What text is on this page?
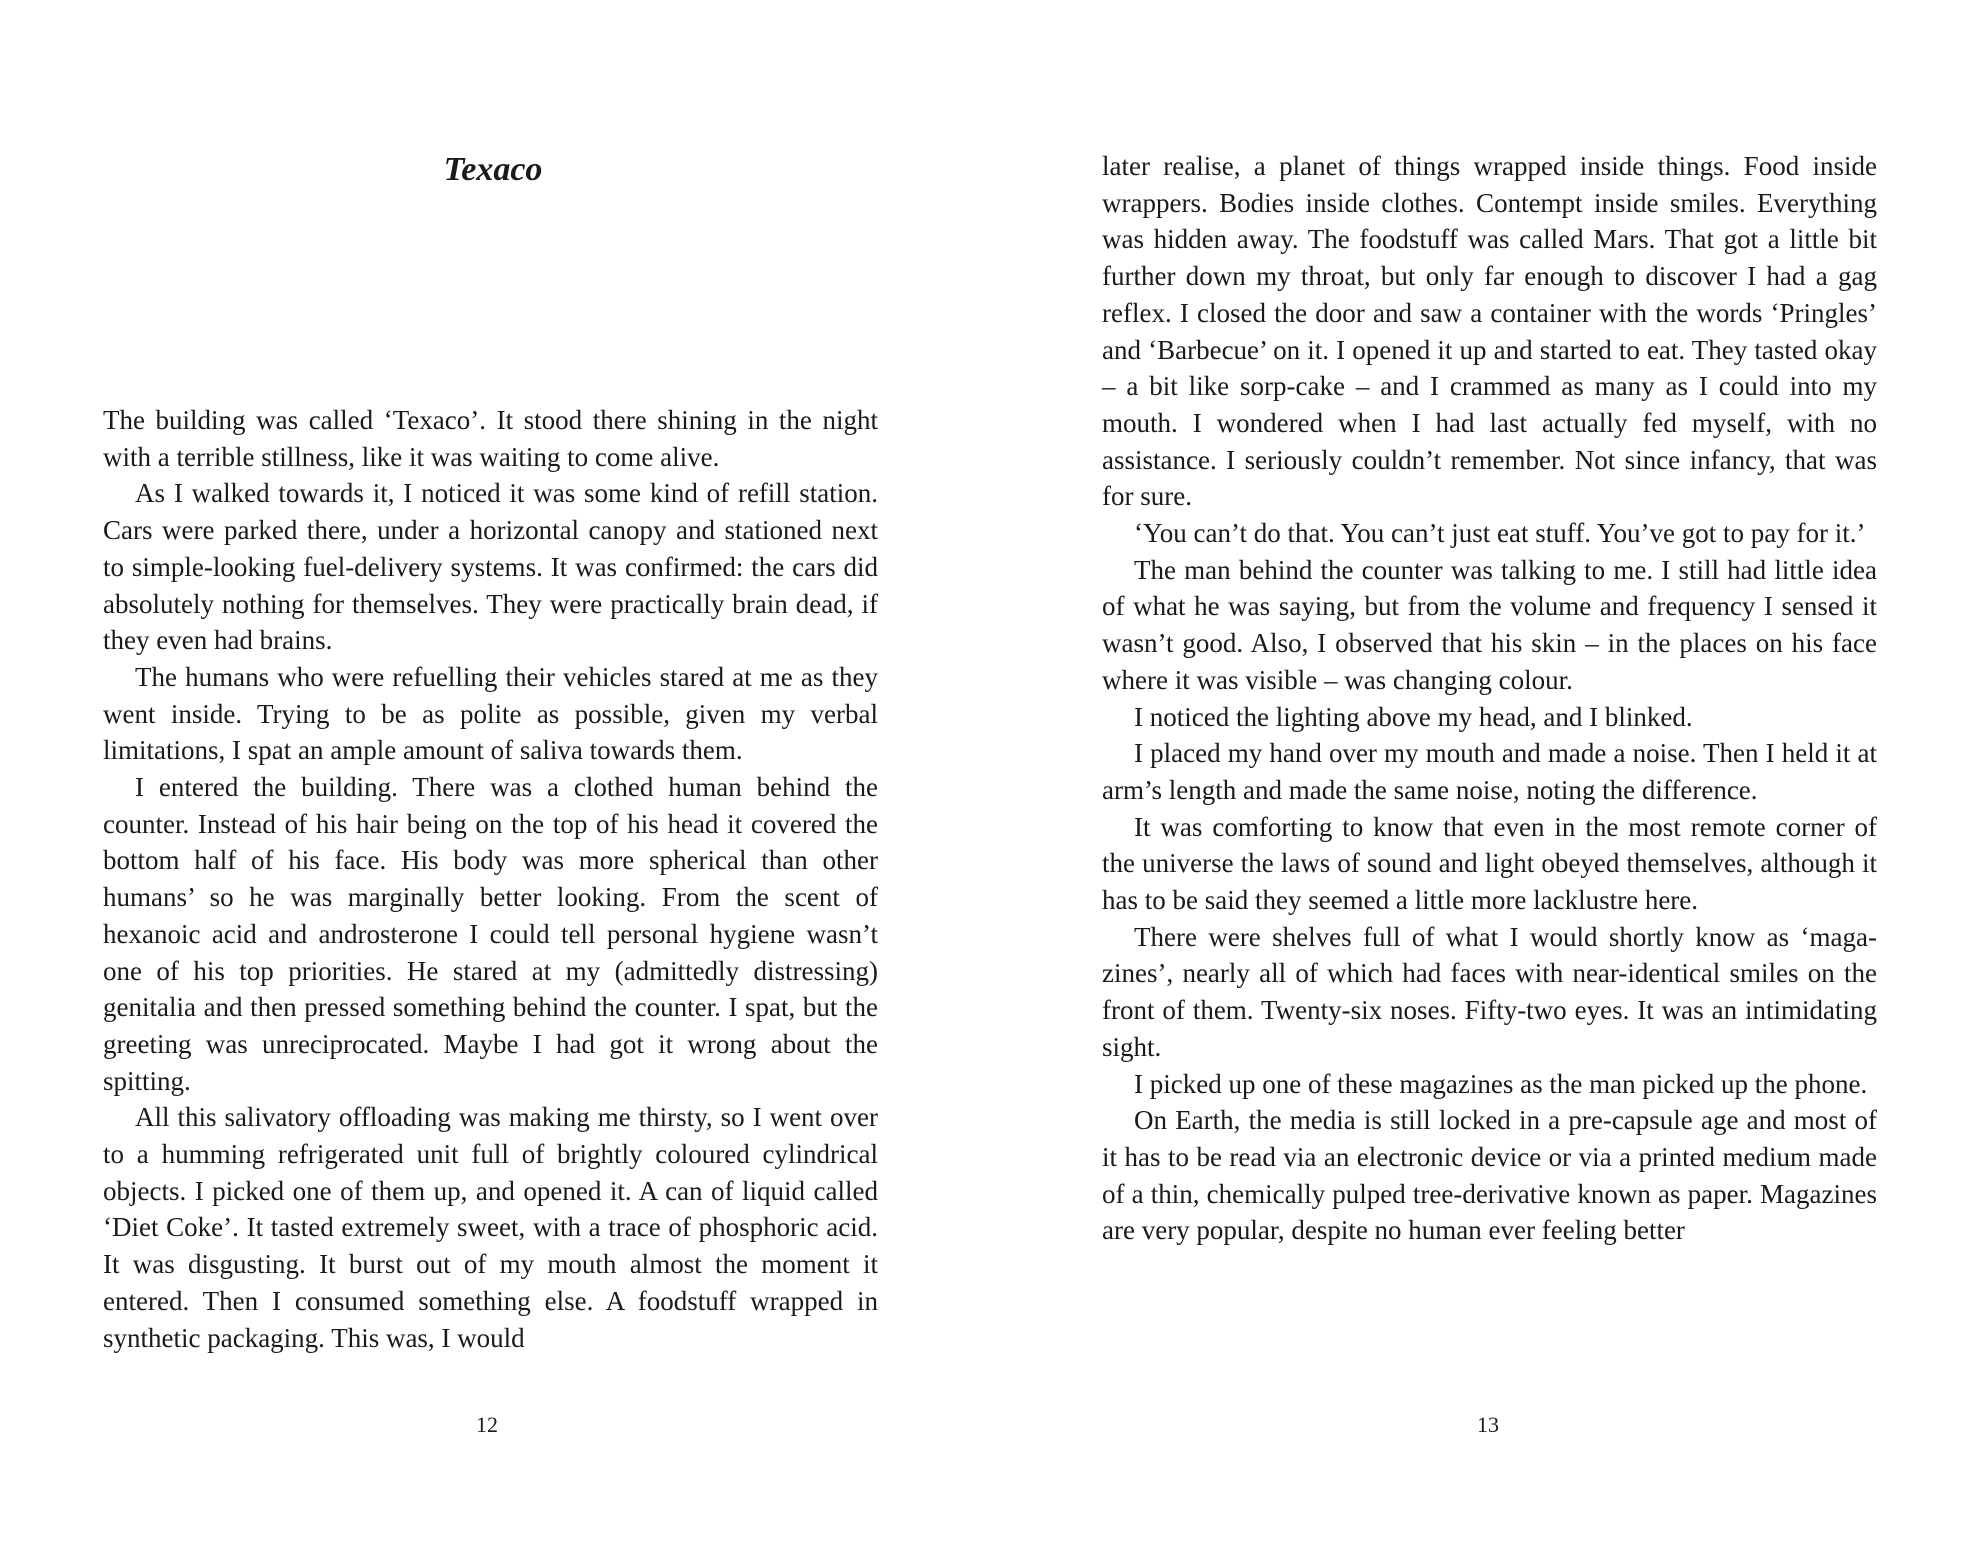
Texaco

The building was called ‘Texaco’. It stood there shining in the night with a terrible stillness, like it was waiting to come alive.

As I walked towards it, I noticed it was some kind of refill station. Cars were parked there, under a horizontal canopy and stationed next to simple-looking fuel-delivery systems. It was confirmed: the cars did absolutely nothing for themselves. They were practically brain dead, if they even had brains.

The humans who were refuelling their vehicles stared at me as they went inside. Trying to be as polite as possible, given my verbal limitations, I spat an ample amount of saliva towards them.

I entered the building. There was a clothed human behind the counter. Instead of his hair being on the top of his head it covered the bottom half of his face. His body was more spherical than other humans’ so he was marginally better looking. From the scent of hexanoic acid and androsterone I could tell personal hygiene wasn’t one of his top priorities. He stared at my (admittedly distressing) genitalia and then pressed something behind the counter. I spat, but the greeting was unreciprocated. Maybe I had got it wrong about the spitting.

All this salivatory offloading was making me thirsty, so I went over to a humming refrigerated unit full of brightly coloured cylindrical objects. I picked one of them up, and opened it. A can of liquid called ‘Diet Coke’. It tasted extremely sweet, with a trace of phosphoric acid. It was disgusting. It burst out of my mouth almost the moment it entered. Then I consumed something else. A foodstuff wrapped in synthetic packaging. This was, I would

12

later realise, a planet of things wrapped inside things. Food inside wrappers. Bodies inside clothes. Contempt inside smiles. Everything was hidden away. The foodstuff was called Mars. That got a little bit further down my throat, but only far enough to discover I had a gag reflex. I closed the door and saw a container with the words ‘Pringles’ and ‘Barbecue’ on it. I opened it up and started to eat. They tasted okay – a bit like sorp-cake – and I crammed as many as I could into my mouth. I wondered when I had last actually fed myself, with no assistance. I seriously couldn’t remember. Not since infancy, that was for sure.

‘You can’t do that. You can’t just eat stuff. You’ve got to pay for it.’

The man behind the counter was talking to me. I still had little idea of what he was saying, but from the volume and frequency I sensed it wasn’t good. Also, I observed that his skin – in the places on his face where it was visible – was changing colour.

I noticed the lighting above my head, and I blinked.

I placed my hand over my mouth and made a noise. Then I held it at arm’s length and made the same noise, noting the difference.

It was comforting to know that even in the most remote corner of the universe the laws of sound and light obeyed themselves, although it has to be said they seemed a little more lacklustre here.

There were shelves full of what I would shortly know as ‘magazines’, nearly all of which had faces with near-identical smiles on the front of them. Twenty-six noses. Fifty-two eyes. It was an intimidating sight.

I picked up one of these magazines as the man picked up the phone.

On Earth, the media is still locked in a pre-capsule age and most of it has to be read via an electronic device or via a printed medium made of a thin, chemically pulped tree-derivative known as paper. Magazines are very popular, despite no human ever feeling better

13
